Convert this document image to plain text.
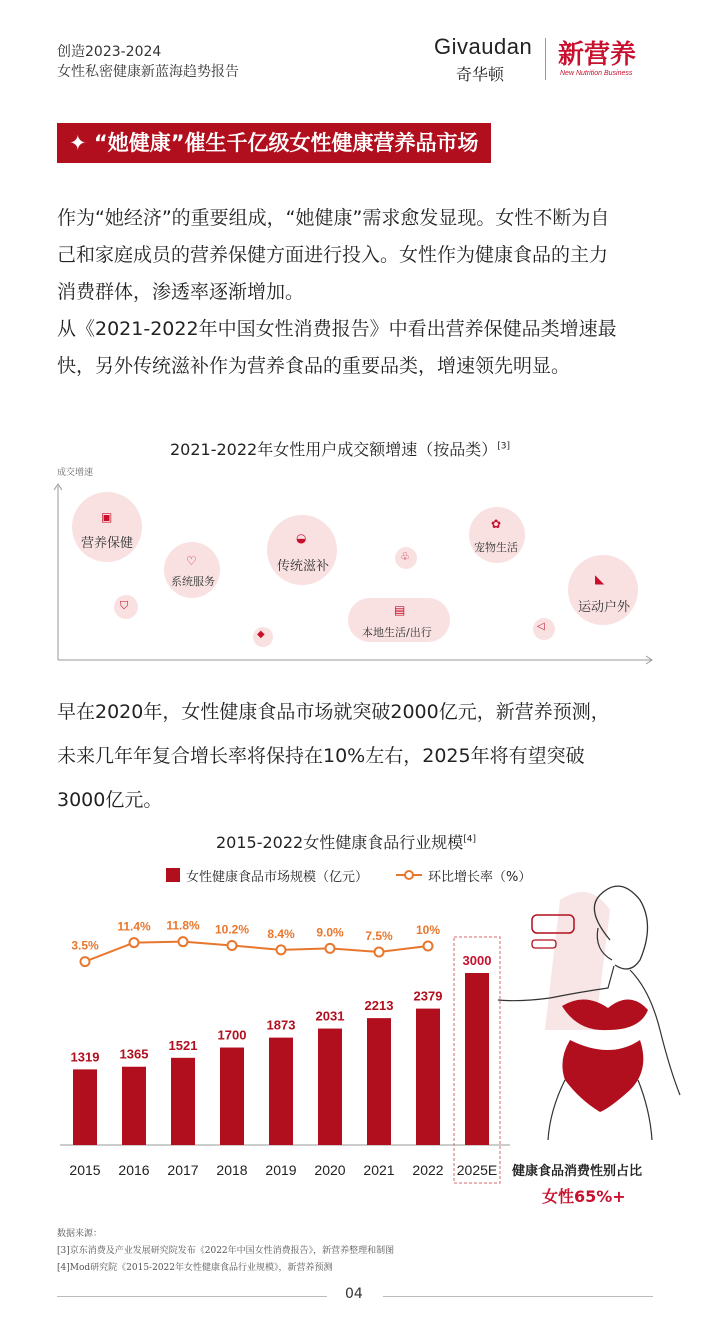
创造2023-2024
女性私密健康新蓝海趋势报告
Givaudan
奇华顿
新营养
New Nutrition Business
✦ “她健康”催生千亿级女性健康营养品市场
作为“她经济”的重要组成，“她健康”需求愈发显现。女性不断为自
己和家庭成员的营养保健方面进行投入。女性作为健康食品的主力
消费群体，渗透率逐渐增加。
从《2021-2022年中国女性消费报告》中看出营养保健品类增速最
快，另外传统滋补作为营养食品的重要品类，增速领先明显。
2021-2022年女性用户成交额增速（按品类）[3]
成交增速
▣
营养保健
♡
系统服务
◒
传统滋补
✿
宠物生活
◣
运动户外
▤
本地生活/出行
⛉
♧
◆
◁
早在2020年，女性健康食品市场就突破2000亿元，新营养预测，
未来几年年复合增长率将保持在10%左右，2025年将有望突破
3000亿元。
2015-2022女性健康食品行业规模[4]
女性健康食品市场规模（亿元）	环比增长率（%）
1319
2015
1365
2016
1521
2017
1700
2018
1873
2019
2031
2020
2213
2021
2379
2022
3000
2025E
3.5%
11.4% 11.8% 10.2% 8.4% 9.0% 7.5% 10%
健康食品消费性别占比
女性65%+
数据来源：
[3]京东消费及产业发展研究院发布《2022年中国女性消费报告》，新营养整理和制图
[4]Mod研究院《2015-2022年女性健康食品行业规模》，新营养预测
04
